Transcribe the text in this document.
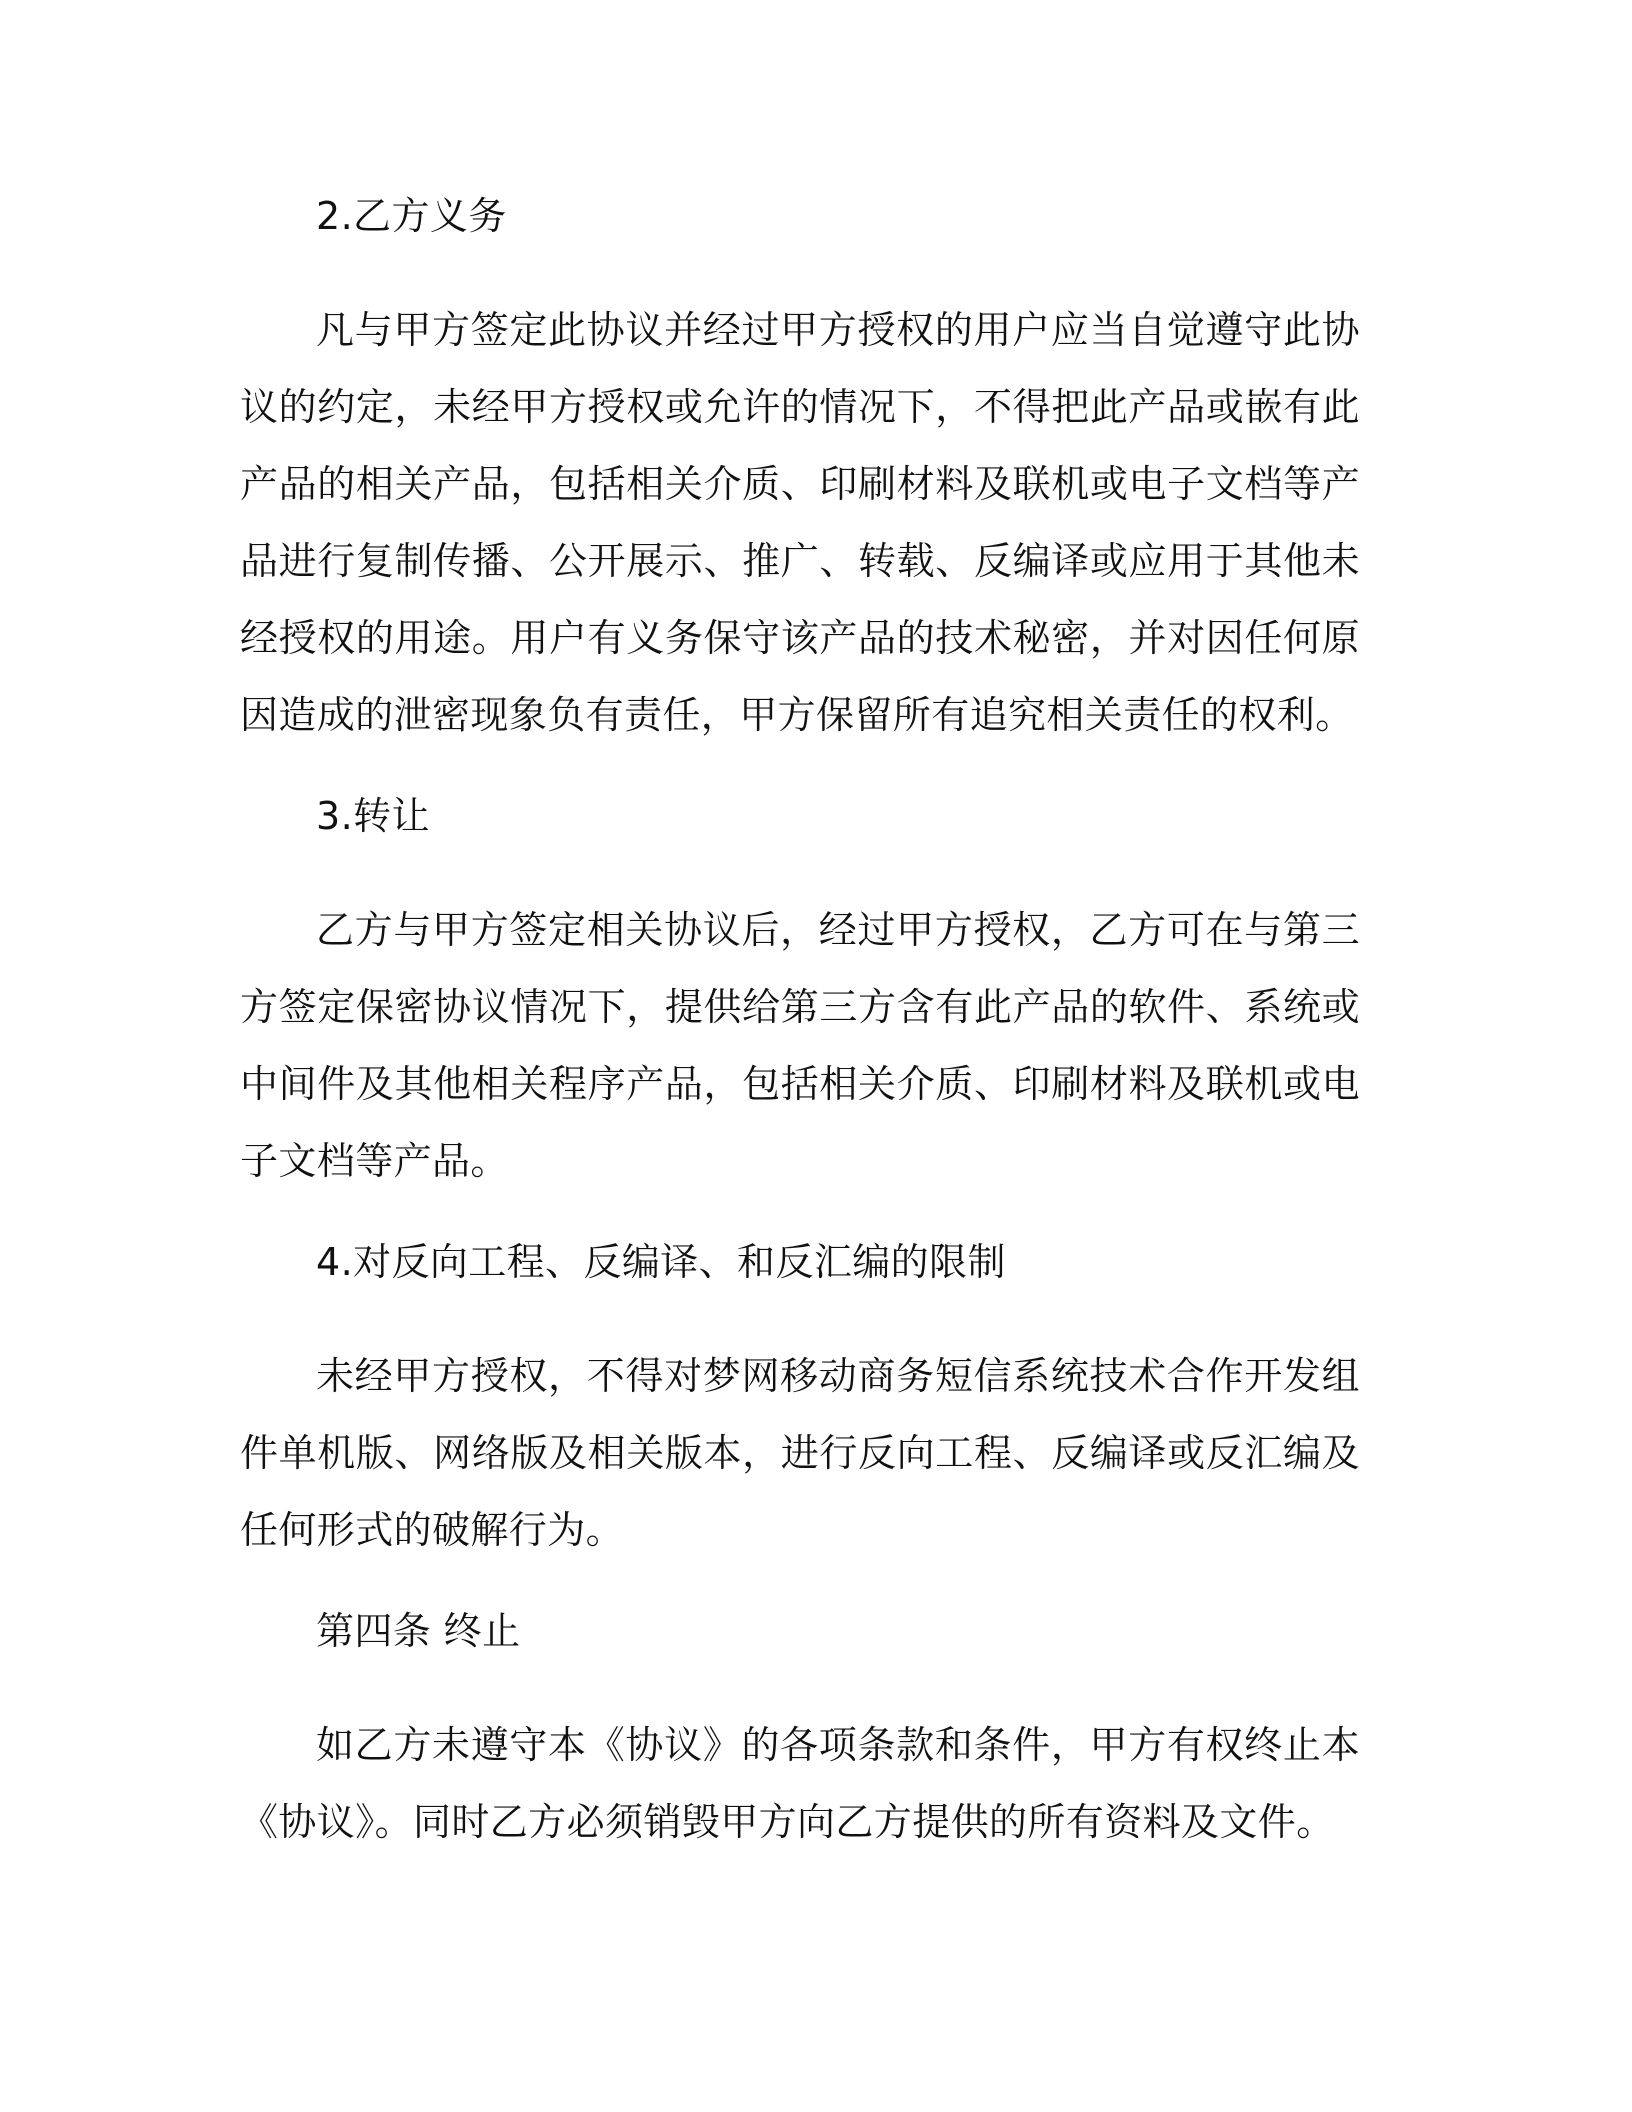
2.乙方义务

凡与甲方签定此协议并经过甲方授权的用户应当自觉遵守此协议的约定，未经甲方授权或允许的情况下，不得把此产品或嵌有此产品的相关产品，包括相关介质、印刷材料及联机或电子文档等产品进行复制传播、公开展示、推广、转载、反编译或应用于其他未经授权的用途。用户有义务保守该产品的技术秘密，并对因任何原因造成的泄密现象负有责任，甲方保留所有追究相关责任的权利。

3.转让

乙方与甲方签定相关协议后，经过甲方授权，乙方可在与第三方签定保密协议情况下，提供给第三方含有此产品的软件、系统或中间件及其他相关程序产品，包括相关介质、印刷材料及联机或电子文档等产品。

4.对反向工程、反编译、和反汇编的限制

未经甲方授权，不得对梦网移动商务短信系统技术合作开发组件单机版、网络版及相关版本，进行反向工程、反编译或反汇编及任何形式的破解行为。

第四条 终止

如乙方未遵守本《协议》的各项条款和条件，甲方有权终止本《协议》。同时乙方必须销毁甲方向乙方提供的所有资料及文件。
